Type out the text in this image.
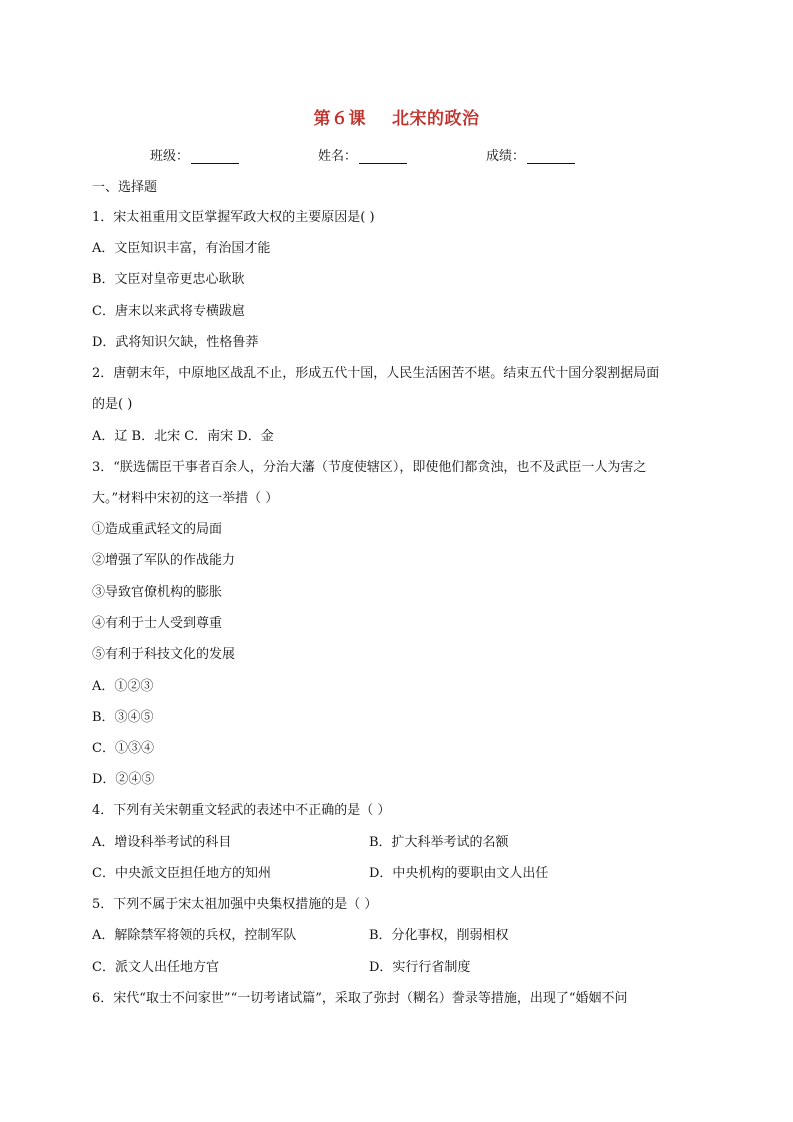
第６课 北宋的政治
班级：	姓名：	成绩：
一、选择题
1．宋太祖重用文臣掌握军政大权的主要原因是( )
A．文臣知识丰富，有治国才能
B．文臣对皇帝更忠心耿耿
C．唐末以来武将专横跋扈
D．武将知识欠缺，性格鲁莽
2．唐朝末年，中原地区战乱不止，形成五代十国，人民生活困苦不堪。结束五代十国分裂割据局面
的是( )
A．辽 B．北宋 C．南宋 D．金
3．“朕选儒臣干事者百余人，分治大藩（节度使辖区），即使他们都贪浊，也不及武臣一人为害之
大。”材料中宋初的这一举措（ ）
①造成重武轻文的局面
②增强了军队的作战能力
③导致官僚机构的膨胀
④有利于士人受到尊重
⑤有利于科技文化的发展
A．①②③
B．③④⑤
C．①③④
D．②④⑤
4．下列有关宋朝重文轻武的表述中不正确的是（ ）
A．增设科举考试的科目	B．扩大科举考试的名额
C．中央派文臣担任地方的知州	D．中央机构的要职由文人出任
5．下列不属于宋太祖加强中央集权措施的是（ ）
A．解除禁军将领的兵权，控制军队	B．分化事权，削弱相权
C．派文人出任地方官	D．实行行省制度
6．宋代“取士不问家世”“一切考诸试篇”，采取了弥封（糊名）誊录等措施，出现了“婚姻不问
